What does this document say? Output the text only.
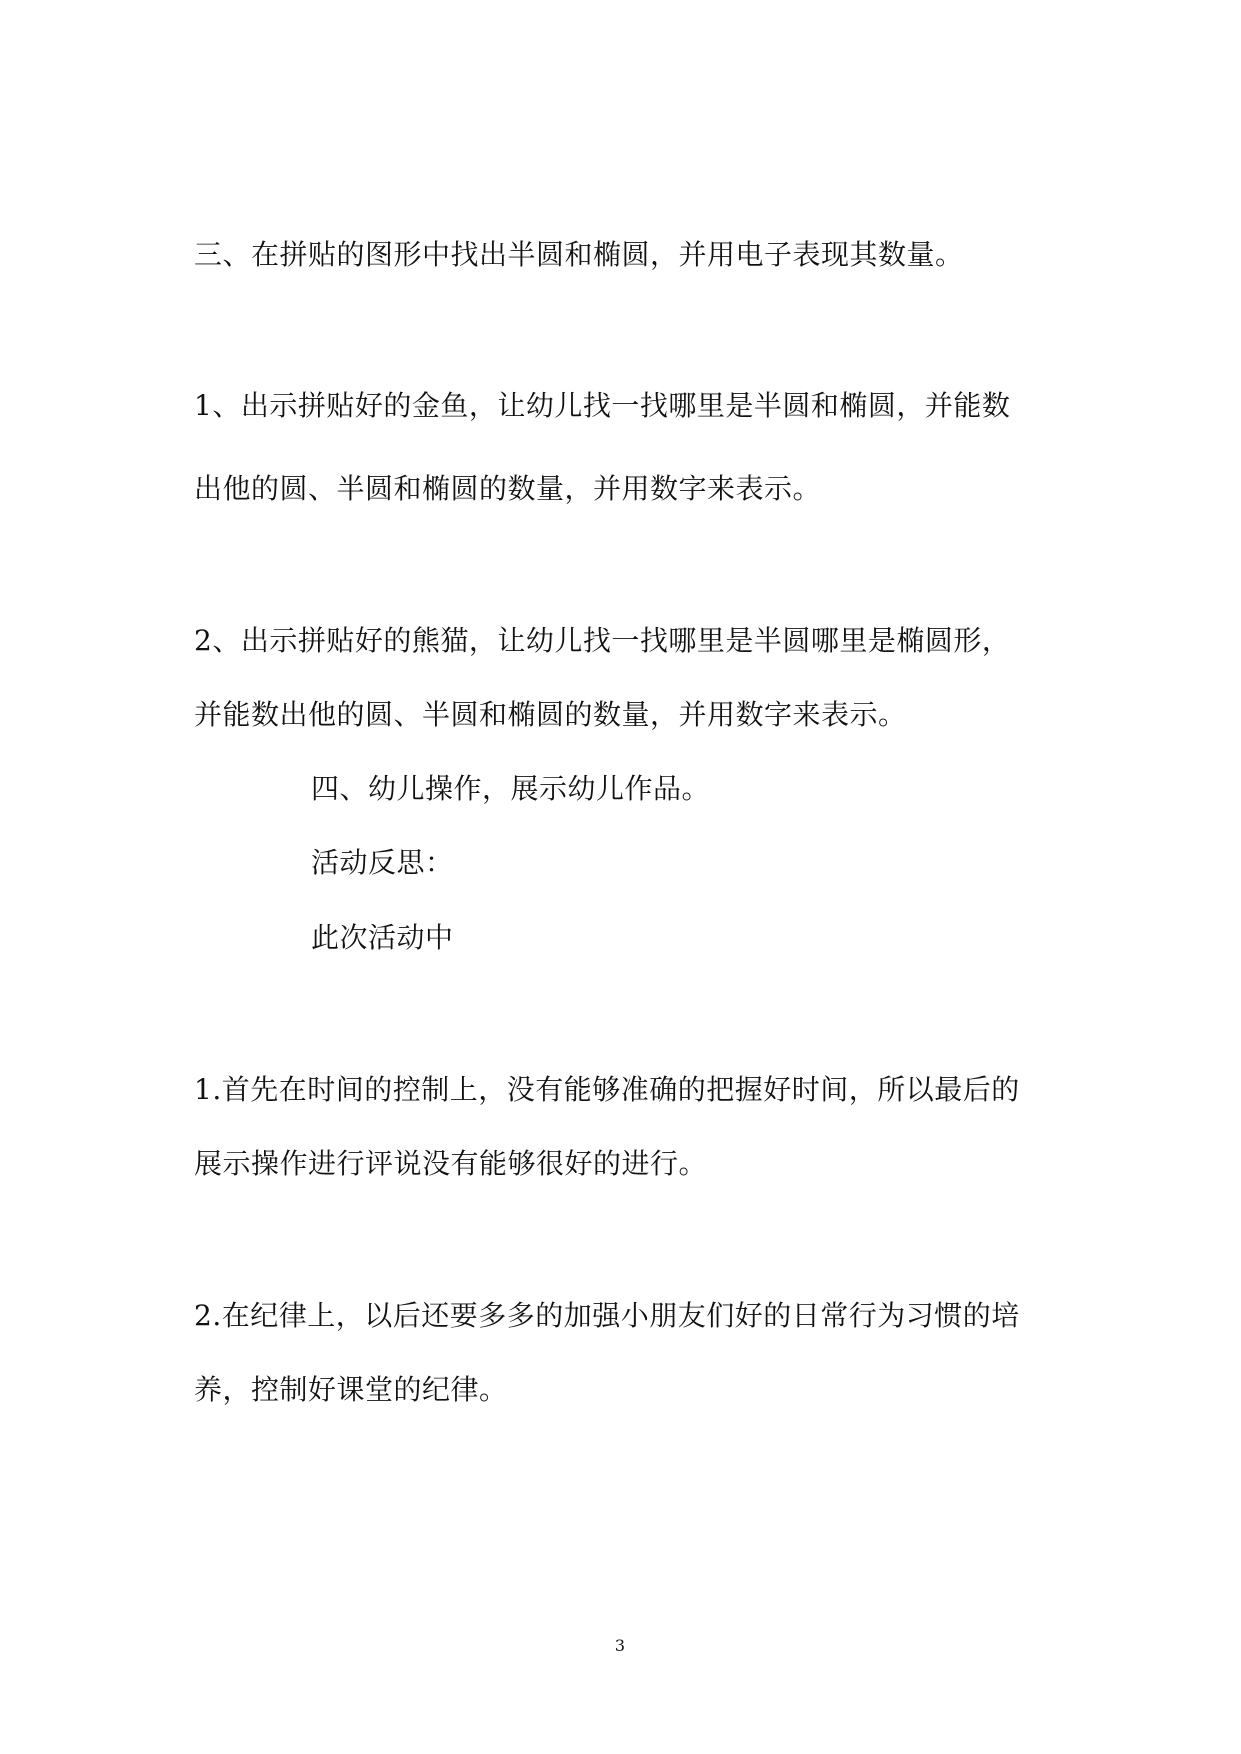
三、在拼贴的图形中找出半圆和椭圆，并用电子表现其数量。
1、出示拼贴好的金鱼，让幼儿找一找哪里是半圆和椭圆，并能数
出他的圆、半圆和椭圆的数量，并用数字来表示。
2、出示拼贴好的熊猫，让幼儿找一找哪里是半圆哪里是椭圆形，
并能数出他的圆、半圆和椭圆的数量，并用数字来表示。
四、幼儿操作，展示幼儿作品。
活动反思：
此次活动中
1.首先在时间的控制上，没有能够准确的把握好时间，所以最后的
展示操作进行评说没有能够很好的进行。
2.在纪律上，以后还要多多的加强小朋友们好的日常行为习惯的培
养，控制好课堂的纪律。
3
